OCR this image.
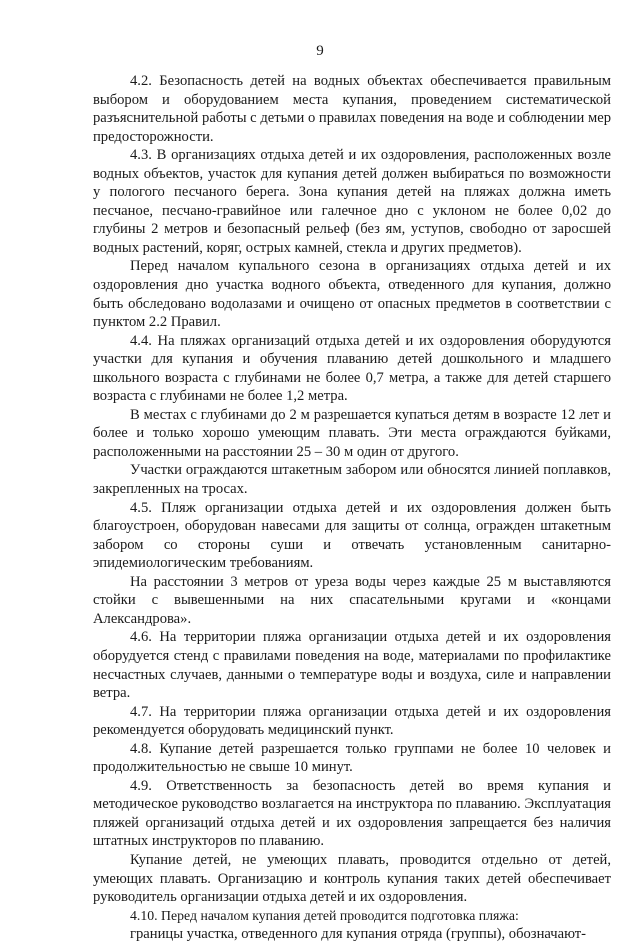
9

4.2. Безопасность детей на водных объектах обеспечивается правильным выбором и оборудованием места купания, проведением систематической разъяснительной работы с детьми о правилах поведения на воде и соблюдении мер предосторожности.

4.3. В организациях отдыха детей и их оздоровления, расположенных возле водных объектов, участок для купания детей должен выбираться по возможности у пологого песчаного берега. Зона купания детей на пляжах должна иметь песчаное, песчано-гравийное или галечное дно с уклоном не более 0,02 до глубины 2 метров и безопасный рельеф (без ям, уступов, свободно от заросшей водных растений, коряг, острых камней, стекла и других предметов).

Перед началом купального сезона в организациях отдыха детей и их оздоровления дно участка водного объекта, отведенного для купания, должно быть обследовано водолазами и очищено от опасных предметов в соответствии с пунктом 2.2 Правил.

4.4. На пляжах организаций отдыха детей и их оздоровления оборудуются участки для купания и обучения плаванию детей дошкольного и младшего школьного возраста с глубинами не более 0,7 метра, а также для детей старшего возраста с глубинами не более 1,2 метра.

В местах с глубинами до 2 м разрешается купаться детям в возрасте 12 лет и более и только хорошо умеющим плавать. Эти места ограждаются буйками, расположенными на расстоянии 25 – 30 м один от другого.

Участки ограждаются штакетным забором или обносятся линией поплавков, закрепленных на тросах.

4.5. Пляж организации отдыха детей и их оздоровления должен быть благоустроен, оборудован навесами для защиты от солнца, огражден штакетным забором со стороны суши и отвечать установленным санитарно-эпидемиологическим требованиям.

На расстоянии 3 метров от уреза воды через каждые 25 м выставляются стойки с вывешенными на них спасательными кругами и «концами Александрова».

4.6. На территории пляжа организации отдыха детей и их оздоровления оборудуется стенд с правилами поведения на воде, материалами по профилактике несчастных случаев, данными о температуре воды и воздуха, силе и направлении ветра.

4.7. На территории пляжа организации отдыха детей и их оздоровления рекомендуется оборудовать медицинский пункт.

4.8. Купание детей разрешается только группами не более 10 человек и продолжительностью не свыше 10 минут.

4.9. Ответственность за безопасность детей во время купания и методическое руководство возлагается на инструктора по плаванию. Эксплуатация пляжей организаций отдыха детей и их оздоровления запрещается без наличия штатных инструкторов по плаванию.

Купание детей, не умеющих плавать, проводится отдельно от детей, умеющих плавать. Организацию и контроль купания таких детей обеспечивает руководитель организации отдыха детей и их оздоровления.

4.10. Перед началом купания детей проводится подготовка пляжа:

границы участка, отведенного для купания отряда (группы), обозначают-
